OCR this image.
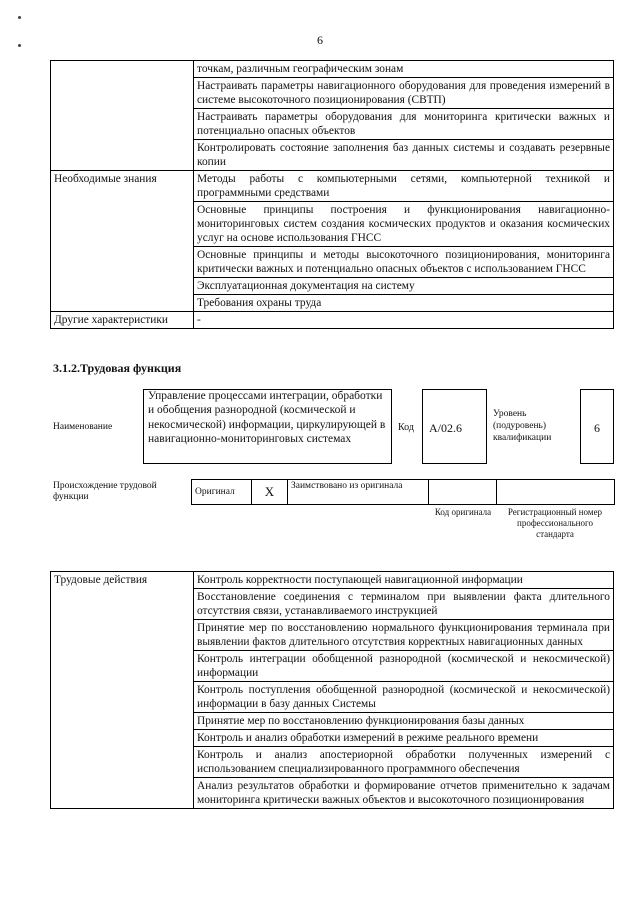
6
	точкам, различным географическим зонам
	Настраивать параметры навигационного оборудования для проведения измерений в системе высокоточного позиционирования (СВТП)
	Настраивать параметры оборудования для мониторинга критически важных и потенциально опасных объектов
	Контролировать состояние заполнения баз данных системы и создавать резервные копии
Необходимые знания	Методы работы с компьютерными сетями, компьютерной техникой и программными средствами
	Основные принципы построения и функционирования навигационно-мониторинговых систем создания космических продуктов и оказания космических услуг на основе использования ГНСС
	Основные принципы и методы высокоточного позиционирования, мониторинга критически важных и потенциально опасных объектов с использованием ГНСС
	Эксплуатационная документация на систему
	Требования охраны труда
Другие характеристики	-
3.1.2.Трудовая функция
Наименование
Управление процессами интеграции, обработки и обобщения разнородной (космической и некосмической) информации, циркулирующей в навигационно-мониторинговых системах
Код А/02.6
Уровень (подуровень) квалификации
6
Происхождение трудовой функции	Оригинал	X	Заимствовано из оригинала		
Код оригинала	Регистрационный номер профессионального стандарта
Трудовые действия	Контроль корректности поступающей навигационной информации
Восстановление соединения с терминалом при выявлении факта длительного отсутствия связи, устанавливаемого инструкцией
Принятие мер по восстановлению нормального функционирования терминала при выявлении фактов длительного отсутствия корректных навигационных данных
Контроль интеграции обобщенной разнородной (космической и некосмической) информации
Контроль поступления обобщенной разнородной (космической и некосмической) информации в базу данных Системы
Принятие мер по восстановлению функционирования базы данных
Контроль и анализ обработки измерений в режиме реального времени
Контроль и анализ апостериорной обработки полученных измерений с использованием специализированного программного обеспечения
Анализ результатов обработки и формирование отчетов применительно к задачам мониторинга критически важных объектов и высокоточного позиционирования
